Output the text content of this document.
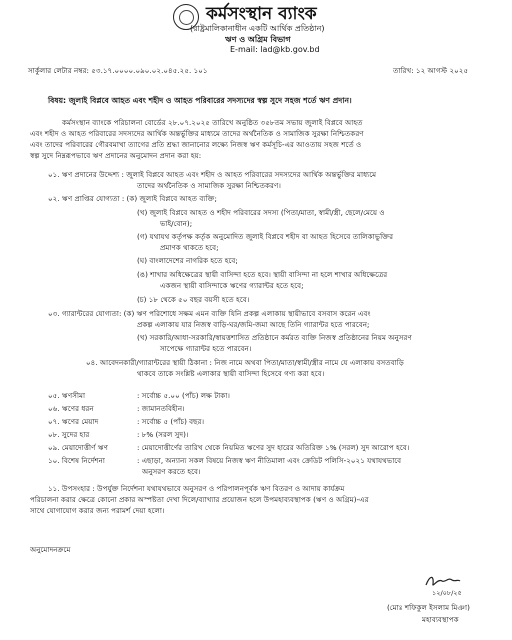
কর্মসংস্থান ব্যাংক
(রাষ্ট্রমালিকানাধীন একটি আর্থিক প্রতিষ্ঠান)
ঋণ ও অগ্রিম বিভাগ
E-mail: lad@kb.gov.bd
সার্কুলার লেটার নম্বর: ৫৩.১৭.০০০০.০৯০.০২.০৪৫.২৫. ১০১	তারিখ: ১২ আগস্ট ২০২৫
বিষয়: জুলাই বিপ্লবে আহত এবং শহীদ ও আহত পরিবারের সদস্যদের স্বল্প সুদে সহজ শর্তে ঋণ প্রদান।
কর্মসংস্থান ব্যাংকে পরিচালনা বোর্ডের ২৮.০৭.২০২৫ তারিখে অনুষ্ঠিত ৩৫৮তম সভায় জুলাই বিপ্লবে আহত
এবং শহীদ ও আহত পরিবারের সদস্যদের আর্থিক অন্তর্ভুক্তির মাধ্যমে তাদের অর্থনৈতিক ও সামাজিক সুরক্ষা নিশ্চিতকরণ
এবং তাদের পরিবারের গৌরবমাখা ত্যাগের প্রতি শ্রদ্ধা জানানোর লক্ষ্যে নিজস্ব ঋণ কর্মসূচি-এর আওতায় সহজ শর্তে ও
স্বল্প সুদে নিম্নরূপভাবে ঋণ প্রদানের অনুমোদন প্রদান করা হয়:
০১. ঋণ প্রদানের উদ্দেশ্য : জুলাই বিপ্লবে আহত এবং শহীদ ও আহত পরিবারের সদস্যদের আর্থিক অন্তর্ভুক্তির মাধ্যমে
তাদের অর্থনৈতিক ও সামাজিক সুরক্ষা নিশ্চিতকরণ।
০২. ঋণ প্রাপ্তির যোগ্যতা : (ক) জুলাই বিপ্লবে আহত ব্যক্তি;
(খ) জুলাই বিপ্লবে আহত ও শহীদ পরিবারের সদস্য (পিতা/মাতা, স্বামী/স্ত্রী, ছেলে/মেয়ে ও
ভাই/বোন);
(গ) যথাযথ কর্তৃপক্ষ কর্তৃক অনুমোদিত জুলাই বিপ্লবে শহীদ বা আহত হিসেবে তালিকাভুক্তির
প্রমাণক থাকতে হবে;
(ঘ) বাংলাদেশের নাগরিক হতে হবে;
(ঙ) শাখার অধিক্ষেত্রের স্থায়ী বাসিন্দা হতে হবে। স্থায়ী বাসিন্দা না হলে শাখার অধিক্ষেত্রের
একজন স্থায়ী বাসিন্দাকে ঋণের গ্যারান্টর হতে হবে;
(চ) ১৮ থেকে ৫০ বছর বয়সী হতে হবে।
০৩. গ্যারান্টরের যোগ্যতা: (ক) ঋণ পরিশোধে সক্ষম এমন ব্যক্তি যিনি প্রকল্প এলাকায় স্থায়ীভাবে বসবাস করেন এবং
প্রকল্প এলাকায় যার নিজস্ব বাড়ি-ঘর/জমি-জমা আছে তিনি গ্যারান্টর হতে পারবেন;
(খ) সরকারি/আধা-সরকারি/স্বায়ত্তশাসিত প্রতিষ্ঠানে কর্মরত ব্যক্তি নিজস্ব প্রতিষ্ঠানের নিয়ম অনুসরণ
সাপেক্ষে গ্যারান্টর হতে পারবেন।
০৪. আবেদনকারী/গ্যারান্টরের স্থায়ী ঠিকানা : নিজ নামে অথবা পিতা/মাতা/স্বামী/স্ত্রীর নামে যে এলাকায় বসতবাড়ি
থাকবে তাকে সংশ্লিষ্ট এলাকার স্থায়ী বাসিন্দা হিসেবে গণ্য করা হবে।
০৫. ঋণসীমা	: সর্বোচ্চ ৫.০০ (পাঁচ) লক্ষ টাকা।
০৬. ঋণের ধরন	: জামানতবিহীন।
০৭. ঋণের মেয়াদ	: সর্বোচ্চ ৫ (পাঁচ) বছর।
০৮. সুদের হার	: ৮% (সরল সুদ)।
০৯. মেয়াদোত্তীর্ণ ঋণ	: মেয়াদোত্তীর্ণের তারিখ থেকে নিয়মিত ঋণের সুদ হারের অতিরিক্ত ১% (সরল) সুদ আরোপ হবে।
১০. বিশেষ নির্দেশনা	: এছাড়া, অন্যান্য সকল বিষয়ে নিজস্ব ঋণ নীতিমালা এবং ক্রেডিট পলিসি-২০২১ যথাযথভাবে
অনুসরণ করতে হবে।
১১. উপসংহার : উপর্যুক্ত নির্দেশনা যথাযথভাবে অনুসরণ ও পরিপালনপূর্বক ঋণ বিতরণ ও আদায় কার্যক্রম
পরিচালনা করার ক্ষেত্রে কোনো প্রকার অস্পষ্টতা দেখা দিলে/ব্যাখ্যার প্রয়োজন হলে উপমহাব্যবস্থাপক (ঋণ ও অগ্রিম)-এর
সাথে যোগাযোগ করার জন্য পরামর্শ দেয়া হলো।
অনুমোদনক্রমে
১২/০৮/২৫
(মোঃ শফিকুল ইসলাম মিঞা)
মহাব্যবস্থাপক
